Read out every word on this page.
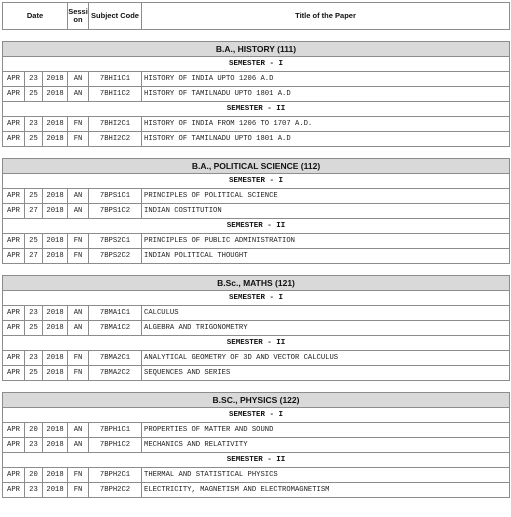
Date			Sessi on	Subject Code	Title of the Paper

B.A., HISTORY (111)					
SEMESTER - I					
APR	23	2018	AN	7BHI1C1	HISTORY OF INDIA UPTO 1206 A.D
APR	25	2018	AN	7BHI1C2	HISTORY OF TAMILNADU UPTO 1801 A.D
SEMESTER - II					
APR	23	2018	FN	7BHI2C1	HISTORY OF INDIA FROM 1206 TO 1707 A.D.
APR	25	2018	FN	7BHI2C2	HISTORY OF TAMILNADU UPTO 1801 A.D

B.A., POLITICAL SCIENCE (112)					
SEMESTER - I					
APR	25	2018	AN	7BPS1C1	PRINCIPLES OF POLITICAL SCIENCE
APR	27	2018	AN	7BPS1C2	INDIAN COSTITUTION
SEMESTER - II					
APR	25	2018	FN	7BPS2C1	PRINCIPLES OF PUBLIC ADMINISTRATION
APR	27	2018	FN	7BPS2C2	INDIAN POLITICAL THOUGHT

B.Sc., MATHS (121)					
SEMESTER - I					
APR	23	2018	AN	7BMA1C1	CALCULUS
APR	25	2018	AN	7BMA1C2	ALGEBRA AND TRIGONOMETRY
SEMESTER - II					
APR	23	2018	FN	7BMA2C1	ANALYTICAL GEOMETRY OF 3D AND VECTOR CALCULUS
APR	25	2018	FN	7BMA2C2	SEQUENCES AND SERIES

B.SC., PHYSICS (122)					
SEMESTER - I					
APR	20	2018	AN	7BPH1C1	PROPERTIES OF MATTER AND SOUND
APR	23	2018	AN	7BPH1C2	MECHANICS AND RELATIVITY
SEMESTER - II					
APR	20	2018	FN	7BPH2C1	THERMAL AND STATISTICAL PHYSICS
APR	23	2018	FN	7BPH2C2	ELECTRICITY, MAGNETISM AND ELECTROMAGNETISM
